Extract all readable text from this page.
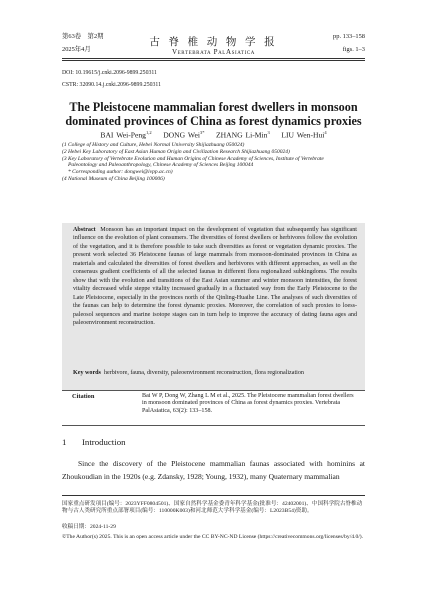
第63卷　第2期
2025年4月
古 脊 椎 动 物 学 报
Vertebrata PalAsiatica
pp. 133–158
figs. 1–3
DOI: 10.19615/j.cnki.2096-9899.250311
CSTR: 32090.14.j.cnki.2096-9899.250311
The Pleistocene mammalian forest dwellers in monsoon
dominated provinces of China as forest dynamics proxies
BAI Wei-Peng$^{1,2}$ DONG Wei$^{3*}$ ZHANG Li-Min$^3$ LIU Wen-Hui$^4$
(1 College of History and Culture, Hebei Normal University Shijiazhuang 050024)
(2 Hebei Key Laboratory of East Asian Human Origin and Civilization Research Shijiazhuang 050024)
(3 Key Laboratory of Vertebrate Evolution and Human Origins of Chinese Academy of Sciences, Institute of Vertebrate
Paleontology and Paleoanthropology, Chinese Academy of Sciences Beijing 100044
* Corresponding author: dongwei@ivpp.ac.cn)
(4 National Museum of China Beijing 100006)
Abstract Monsoon has an important impact on the development of vegetation that subsequently has significant influence on the evolution of plant consumers. The diversities of forest dwellers or herbivores follow the evolution of the vegetation, and it is therefore possible to take such diversities as forest or vegetation dynamic proxies. The present work selected 36 Pleistocene faunas of large mammals from monsoon-dominated provinces in China as materials and calculated the diversities of forest dwellers and herbivores with different approaches, as well as the consensus gradient coefficients of all the selected faunas in different flora regionalized subkingdoms. The results show that with the evolution and transitions of the East Asian summer and winter monsoon intensities, the forest vitality decreased while steppe vitality increased gradually in a fluctuated way from the Early Pleistocene to the Late Pleistocene, especially in the provinces north of the Qinling-Huaihe Line. The analyses of such diversities of the faunas can help to determine the forest dynamic proxies. Moreover, the correlation of such proxies to loess-paleosol sequences and marine isotope stages can in turn help to improve the accuracy of dating fauna ages and paleoenvironment reconstruction.
Key words herbivore, fauna, diversity, paleoenvironment reconstruction, flora regionalization
Citation	Bai W P, Dong W, Zhang L M et al., 2025. The Pleistocene mammalian forest dwellers in monsoon dominated provinces of China as forest dynamics proxies. Vertebrata PalAsiatica, 63(2): 133–158.
1 Introduction
Since the discovery of the Pleistocene mammalian faunas associated with hominins at Zhoukoudian in the 1920s (e.g. Zdansky, 1928; Young, 1932), many Quaternary mammalian
国家重点研发项目(编号：2023YFF0804501)、国家自然科学基金委青年科学基金(批准号：42402001)、中国科学院古脊椎动物与古人类研究所重点部署项目(编号：110000K003)和河北师范大学科学基金(编号：L2023B54)资助。
收稿日期：2024-11-29
©The Author(s) 2025. This is an open access article under the CC BY-NC-ND License (https://creativecommons.org/licenses/by/4.0/).
